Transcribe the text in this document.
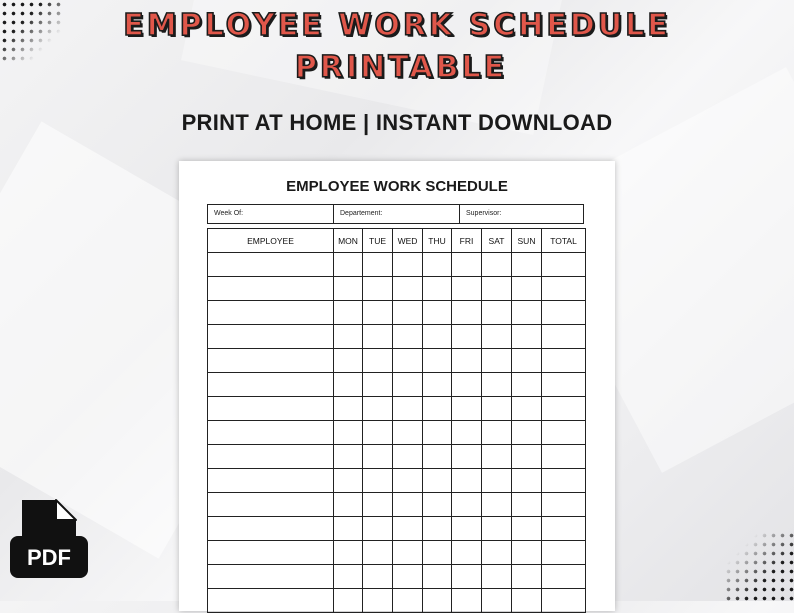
EMPLOYEE WORK SCHEDULE
PRINTABLE

PRINT AT HOME | INSTANT DOWNLOAD

EMPLOYEE WORK SCHEDULE

Week Of:	Departement:	Supervisor:
EMPLOYEE	MON	TUE	WED	THU	FRI	SAT	SUN	TOTAL

PDF
